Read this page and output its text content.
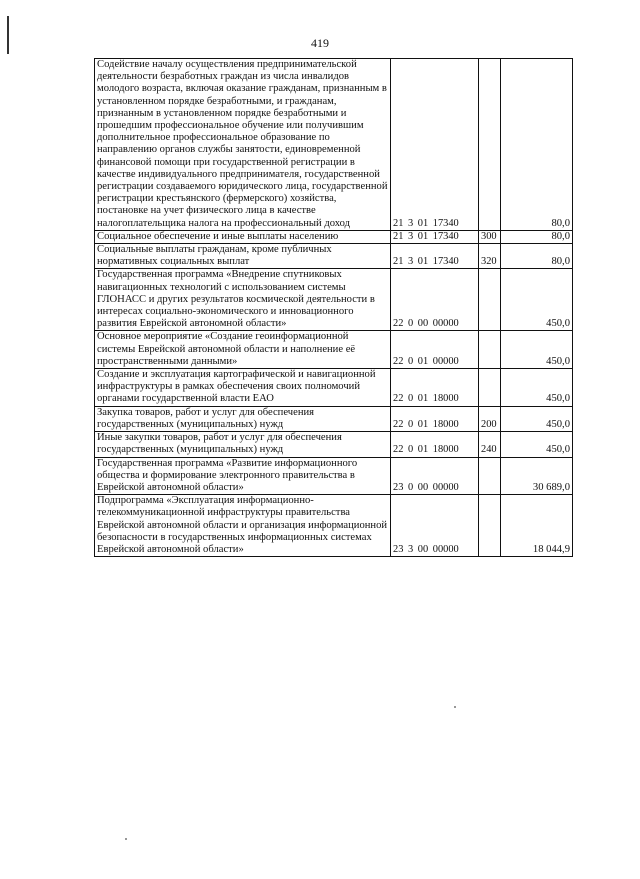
419
Содействие началу осуществления предпринимательской деятельности безработных граждан из числа инвалидов молодого возраста, включая оказание гражданам, признанным в установленном порядке безработными, и гражданам, признанным в установленном порядке безработными и прошедшим профессиональное обучение или получившим дополнительное профессиональное образование по направлению органов службы занятости, единовременной финансовой помощи при государственной регистрации в качестве индивидуального предпринимателя, государственной регистрации создаваемого юридического лица, государственной регистрации крестьянского (фермерского) хозяйства, постановке на учет физического лица в качестве налогоплательщика налога на профессиональный доход	21 3 01 17340		80,0
Социальное обеспечение и иные выплаты населению	21 3 01 17340	300	80,0
Социальные выплаты гражданам, кроме публичных нормативных социальных выплат	21 3 01 17340	320	80,0
Государственная программа «Внедрение спутниковых навигационных технологий с использованием системы ГЛОНАСС и других результатов космической деятельности в интересах социально-экономического и инновационного развития Еврейской автономной области»	22 0 00 00000		450,0
Основное мероприятие «Создание геоинформационной системы Еврейской автономной области и наполнение её пространственными данными»	22 0 01 00000		450,0
Создание и эксплуатация картографической и навигационной инфраструктуры в рамках обеспечения своих полномочий органами государственной власти ЕАО	22 0 01 18000		450,0
Закупка товаров, работ и услуг для обеспечения государственных (муниципальных) нужд	22 0 01 18000	200	450,0
Иные закупки товаров, работ и услуг для обеспечения государственных (муниципальных) нужд	22 0 01 18000	240	450,0
Государственная программа «Развитие информационного общества и формирование электронного правительства в Еврейской автономной области»	23 0 00 00000		30 689,0
Подпрограмма «Эксплуатация информационно-телекоммуникационной инфраструктуры правительства Еврейской автономной области и организация информационной безопасности в государственных информационных системах Еврейской автономной области»	23 3 00 00000		18 044,9
